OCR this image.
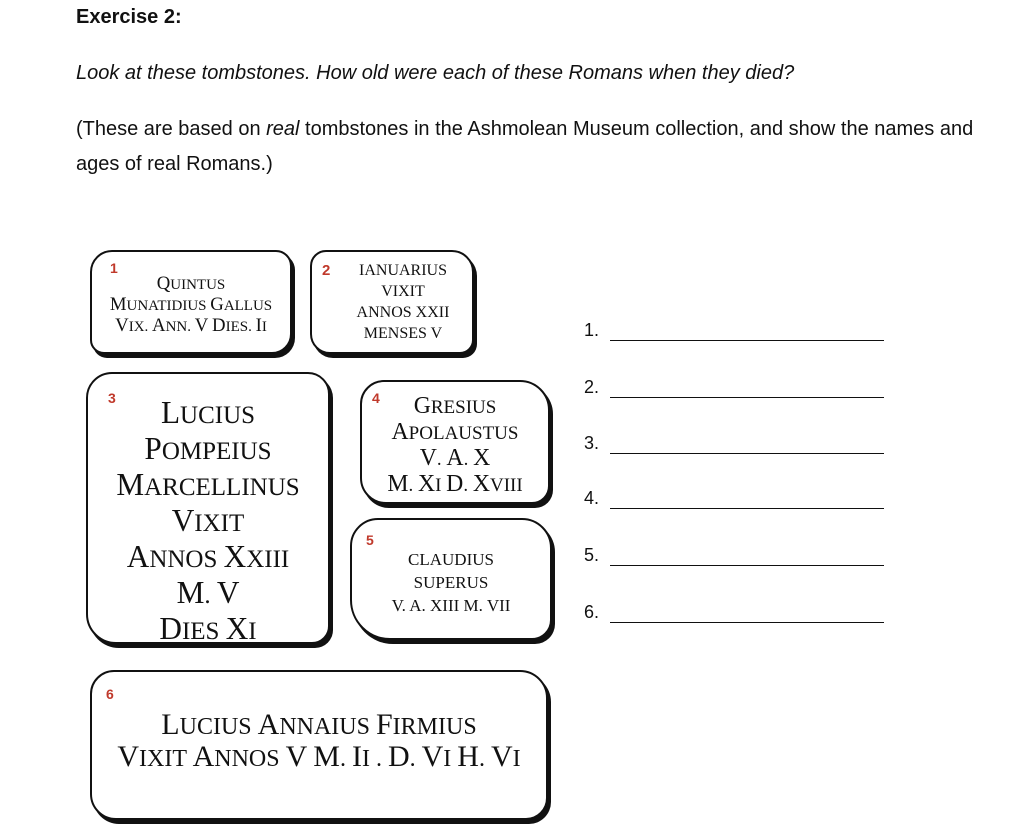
Exercise 2:
Look at these tombstones. How old were each of these Romans when they died?
(These are based on real tombstones in the Ashmolean Museum collection, and show the names and ages of real Romans.)
1
QUINTUS
MUNATIDIUS GALLUS
VIX. ANN. V DIES. II
2	IANUARIUS
VIXIT
ANNOS XXII
MENSES V
3	LUCIUS
POMPEIUS
MARCELLINUS
VIXIT
ANNOS XXIII
M. V
DIES XI
4	GRESIUS
APOLAUSTUS
V. A. X
M. XI D. XVIII
5
CLAUDIUS
SUPERUS
V. A. XIII M. VII
6
LUCIUS ANNAIUS FIRMIUS
VIXIT ANNOS V M. II . D. VI H. VI
1.
2.
3.
4.
5.
6.
